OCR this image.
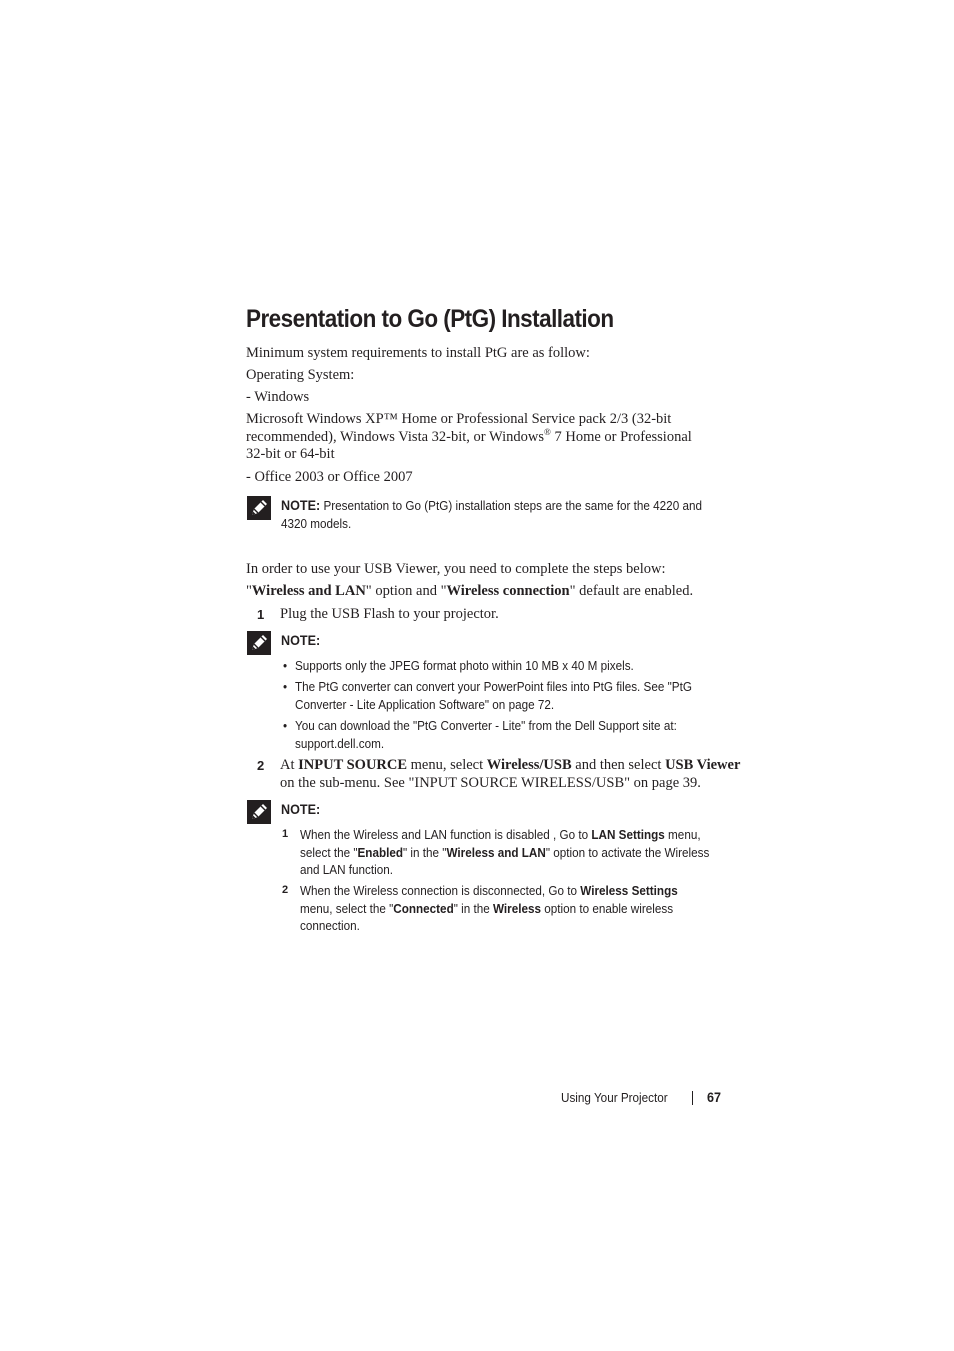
Presentation to Go (PtG) Installation
Minimum system requirements to install PtG are as follow:
Operating System:
- Windows
Microsoft Windows XP™ Home or Professional Service pack 2/3 (32-bit
recommended), Windows Vista 32-bit, or Windows® 7 Home or Professional
32-bit or 64-bit
- Office 2003 or Office 2007
NOTE: Presentation to Go (PtG) installation steps are the same for the 4220 and
4320 models.
In order to use your USB Viewer, you need to complete the steps below:
"Wireless and LAN" option and "Wireless connection" default are enabled.
1 Plug the USB Flash to your projector.
NOTE:
• Supports only the JPEG format photo within 10 MB x 40 M pixels.
• The PtG converter can convert your PowerPoint files into PtG files. See "PtG
Converter - Lite Application Software" on page 72.
• You can download the "PtG Converter - Lite" from the Dell Support site at:
support.dell.com.
2 At INPUT SOURCE menu, select Wireless/USB and then select USB Viewer
on the sub-menu. See "INPUT SOURCE WIRELESS/USB" on page 39.
NOTE:
1 When the Wireless and LAN function is disabled , Go to LAN Settings menu,
select the "Enabled" in the "Wireless and LAN" option to activate the Wireless
and LAN function.
2 When the Wireless connection is disconnected, Go to Wireless Settings
menu, select the "Connected" in the Wireless option to enable wireless
connection.
Using Your Projector	67
